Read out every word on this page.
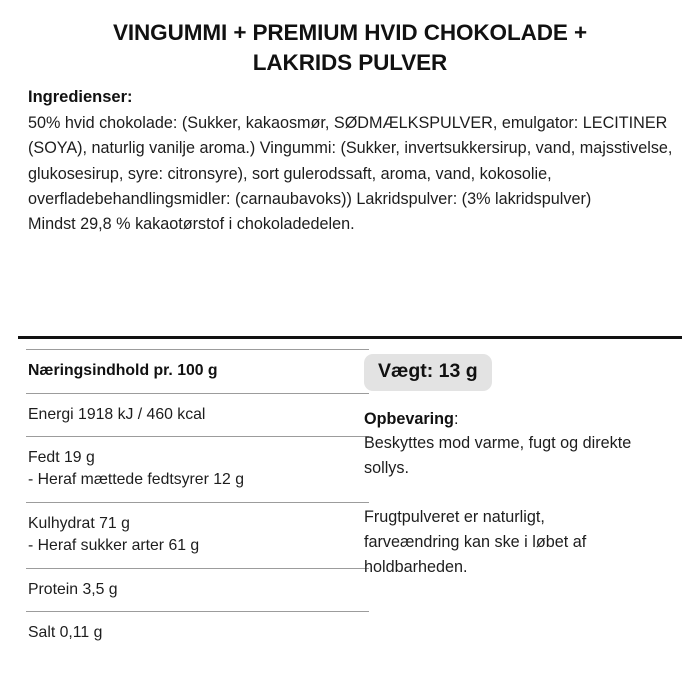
VINGUMMI + PREMIUM HVID CHOKOLADE + LAKRIDS PULVER
Ingredienser:

50% hvid chokolade: (Sukker, kakaosmør, SØDMÆLKSPULVER, emulgator: LECITINER (SOYA), naturlig vanilje aroma.) Vingummi: (Sukker, invertsukkersirup, vand, majsstivelse, glukosesirup, syre: citronsyre), sort gulerodssaft, aroma, vand, kokosolie, overfladebehandlingsmidler: (carnaubavoks)) Lakridspulver: (3% lakridspulver)

Mindst 29,8 % kakaotørstof i chokoladedelen.

Næringsindhold pr. 100 g
Energi 1918 kJ / 460 kcal
Fedt 19 g
- Heraf mættede fedtsyrer 12 g
Kulhydrat 71 g
- Heraf sukker arter 61 g
Protein 3,5 g
Salt 0,11 g
Vægt: 13 g

Opbevaring:

Beskyttes mod varme, fugt og direkte sollys.

Frugtpulveret er naturligt, farveændring kan ske i løbet af holdbarheden.
